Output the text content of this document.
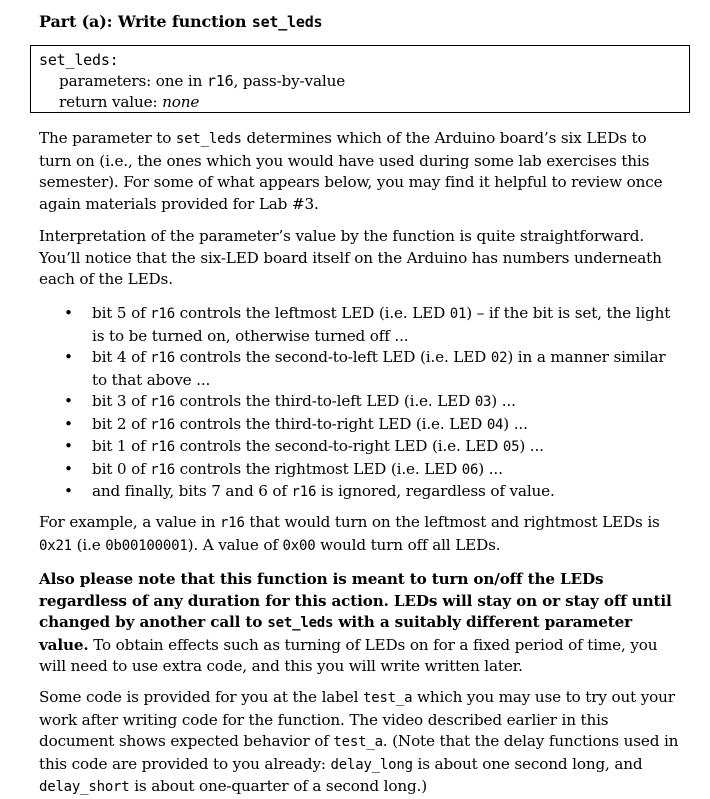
Part (a): Write function set_leds
set_leds:
parameters: one in r16, pass-by-value
return value: none

The parameter to set_leds determines which of the Arduino board’s six LEDs to turn on (i.e., the ones which you would have used during some lab exercises this semester). For some of what appears below, you may find it helpful to review once again materials provided for Lab #3.

Interpretation of the parameter’s value by the function is quite straightforward. You’ll notice that the six-LED board itself on the Arduino has numbers underneath each of the LEDs.

• bit 5 of r16 controls the leftmost LED (i.e. LED 01) – if the bit is set, the light is to be turned on, otherwise turned off ...
• bit 4 of r16 controls the second-to-left LED (i.e. LED 02) in a manner similar to that above ...
• bit 3 of r16 controls the third-to-left LED (i.e. LED 03) ...
• bit 2 of r16 controls the third-to-right LED (i.e. LED 04) ...
• bit 1 of r16 controls the second-to-right LED (i.e. LED 05) ...
• bit 0 of r16 controls the rightmost LED (i.e. LED 06) ...
• and finally, bits 7 and 6 of r16 is ignored, regardless of value.

For example, a value in r16 that would turn on the leftmost and rightmost LEDs is 0x21 (i.e 0b00100001). A value of 0x00 would turn off all LEDs.

Also please note that this function is meant to turn on/off the LEDs regardless of any duration for this action. LEDs will stay on or stay off until changed by another call to set_leds with a suitably different parameter value. To obtain effects such as turning of LEDs on for a fixed period of time, you will need to use extra code, and this you will write written later.

Some code is provided for you at the label test_a which you may use to try out your work after writing code for the function. The video described earlier in this document shows expected behavior of test_a. (Note that the delay functions used in this code are provided to you already: delay_long is about one second long, and delay_short is about one-quarter of a second long.)
